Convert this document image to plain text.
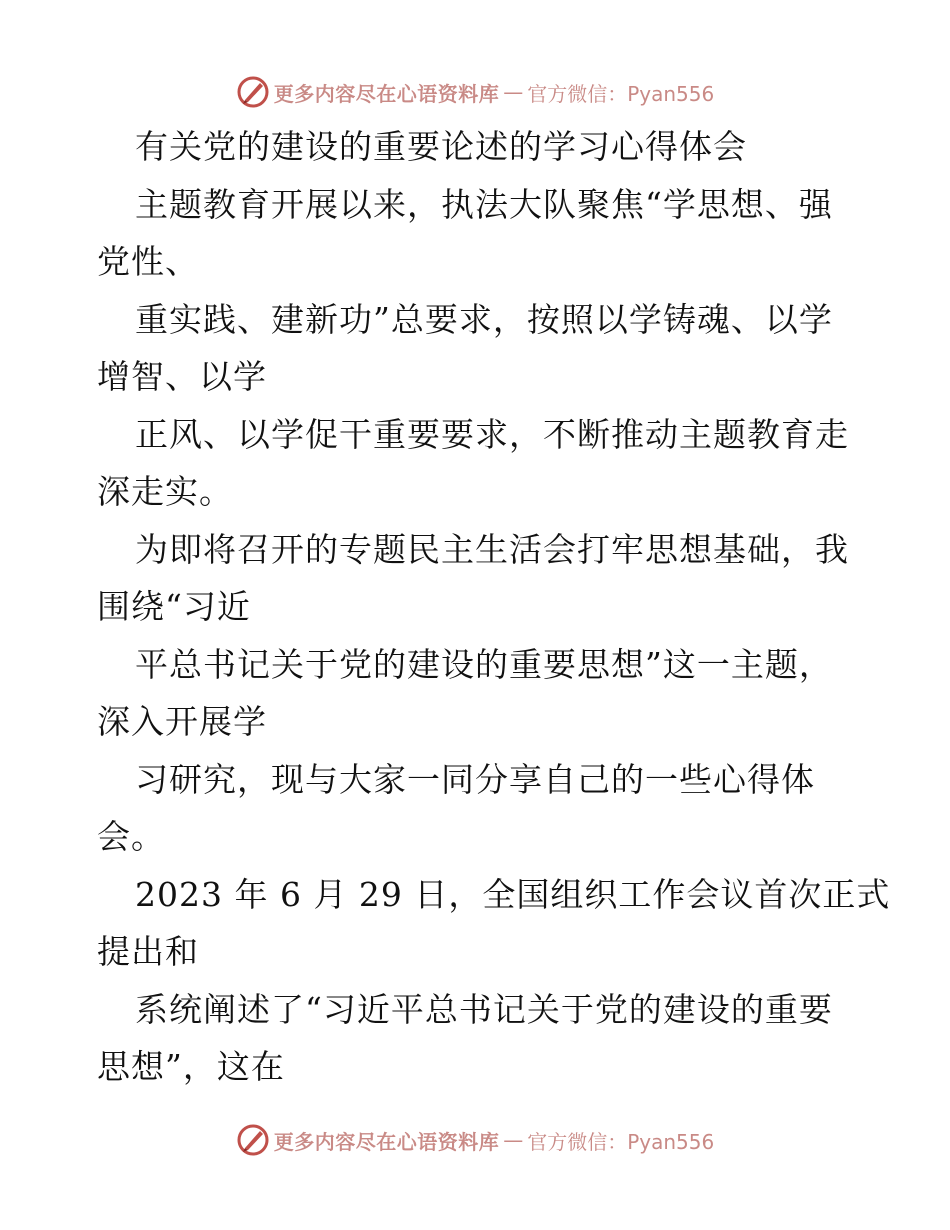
更多内容尽在心语资料库 — 官方微信：Pyan556
有关党的建设的重要论述的学习心得体会
主题教育开展以来，执法大队聚焦“学思想、强
党性、
重实践、建新功”总要求，按照以学铸魂、以学
增智、以学
正风、以学促干重要要求，不断推动主题教育走
深走实。
为即将召开的专题民主生活会打牢思想基础，我
围绕“习近
平总书记关于党的建设的重要思想”这一主题，
深入开展学
习研究，现与大家一同分享自己的一些心得体
会。
2023 年 6 月 29 日，全国组织工作会议首次正式
提出和
系统阐述了“习近平总书记关于党的建设的重要
思想”，这在
更多内容尽在心语资料库 — 官方微信：Pyan556
